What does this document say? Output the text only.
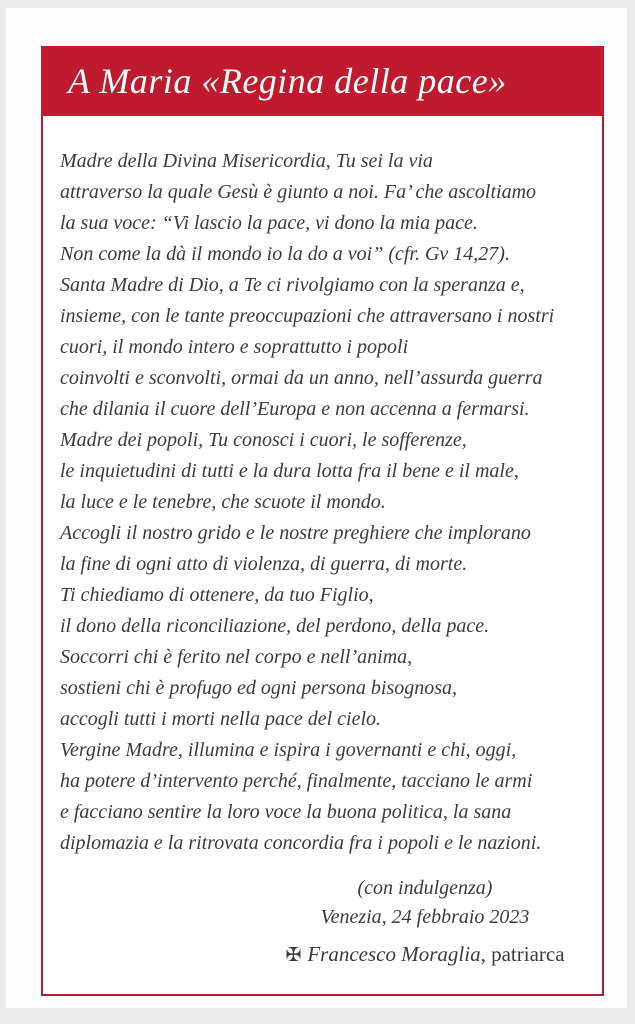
A Maria «Regina della pace»
Madre della Divina Misericordia, Tu sei la via
attraverso la quale Gesù è giunto a noi. Fa’ che ascoltiamo
la sua voce: “Vi lascio la pace, vi dono la mia pace.
Non come la dà il mondo io la do a voi” (cfr. Gv 14,27).
Santa Madre di Dio, a Te ci rivolgiamo con la speranza e,
insieme, con le tante preoccupazioni che attraversano i nostri
cuori, il mondo intero e soprattutto i popoli
coinvolti e sconvolti, ormai da un anno, nell’assurda guerra
che dilania il cuore dell’Europa e non accenna a fermarsi.
Madre dei popoli, Tu conosci i cuori, le sofferenze,
le inquietudini di tutti e la dura lotta fra il bene e il male,
la luce e le tenebre, che scuote il mondo.
Accogli il nostro grido e le nostre preghiere che implorano
la fine di ogni atto di violenza, di guerra, di morte.
Ti chiediamo di ottenere, da tuo Figlio,
il dono della riconciliazione, del perdono, della pace.
Soccorri chi è ferito nel corpo e nell’anima,
sostieni chi è profugo ed ogni persona bisognosa,
accogli tutti i morti nella pace del cielo.
Vergine Madre, illumina e ispira i governanti e chi, oggi,
ha potere d’intervento perché, finalmente, tacciano le armi
e facciano sentire la loro voce la buona politica, la sana
diplomazia e la ritrovata concordia fra i popoli e le nazioni.
(con indulgenza)
Venezia, 24 febbraio 2023
✠ Francesco Moraglia, patriarca
